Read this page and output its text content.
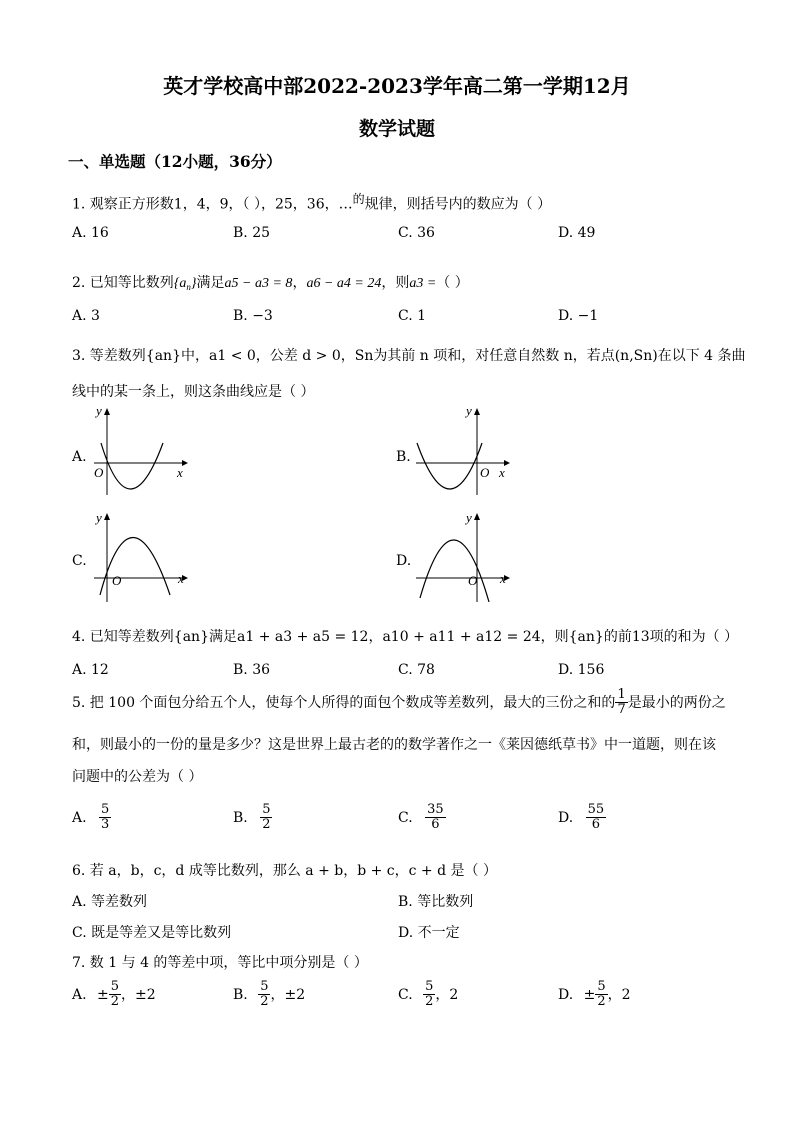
英才学校高中部2022-2023学年高二第一学期12月
数学试题
一、单选题（12小题，36分）
1. 观察正方形数1，4，9，（ ），25，36，…$^的$规律，则括号内的数应为（ ）
A. 16	B. 25	C. 36	D. 49
2. 已知等比数列$\{a_n\}$满足a5 − a3 = 8，a6 − a4 = 24，则a3 =（ ）
A. 3	B. −3	C. 1	D. −1
3. 等差数列{an}中，a1 < 0，公差 d > 0，Sn为其前 n 项和，对任意自然数 n，若点(n,Sn)在以下 4 条曲
线中的某一条上，则这条曲线应是（ ）
A.	B.
C.	D.
y
x
O
y
x
O
y
x
O
y
x
O
4. 已知等差数列{an}满足a1 + a3 + a5 = 12，a10 + a11 + a12 = 24，则{an}的前13项的和为（ ）
A. 12	B. 36	C. 78	D. 156
5. 把 100 个面包分给五个人，使每个人所得的面包个数成等差数列，最大的三份之和的 $\frac{1}{7}$ 是最小的两份之
和，则最小的一份的量是多少？这是世界上最古老的的数学著作之一《莱因德纸草书》中一道题，则在该
问题中的公差为（ ）
A. $\frac{5}{3}$	B. $\frac{5}{2}$	C. $\frac{35}{6}$	D. $\frac{55}{6}$
6. 若 a，b，c，d 成等比数列，那么 a + b，b + c，c + d 是（ ）
A. 等差数列	B. 等比数列
C. 既是等差又是等比数列	D. 不一定
7. 数 1 与 4 的等差中项，等比中项分别是（ ）
A. ± $\frac{5}{2}$ ，±2	B. $\frac{5}{2}$ ，±2	C. $\frac{5}{2}$ ，2	D. ± $\frac{5}{2}$ ，2
